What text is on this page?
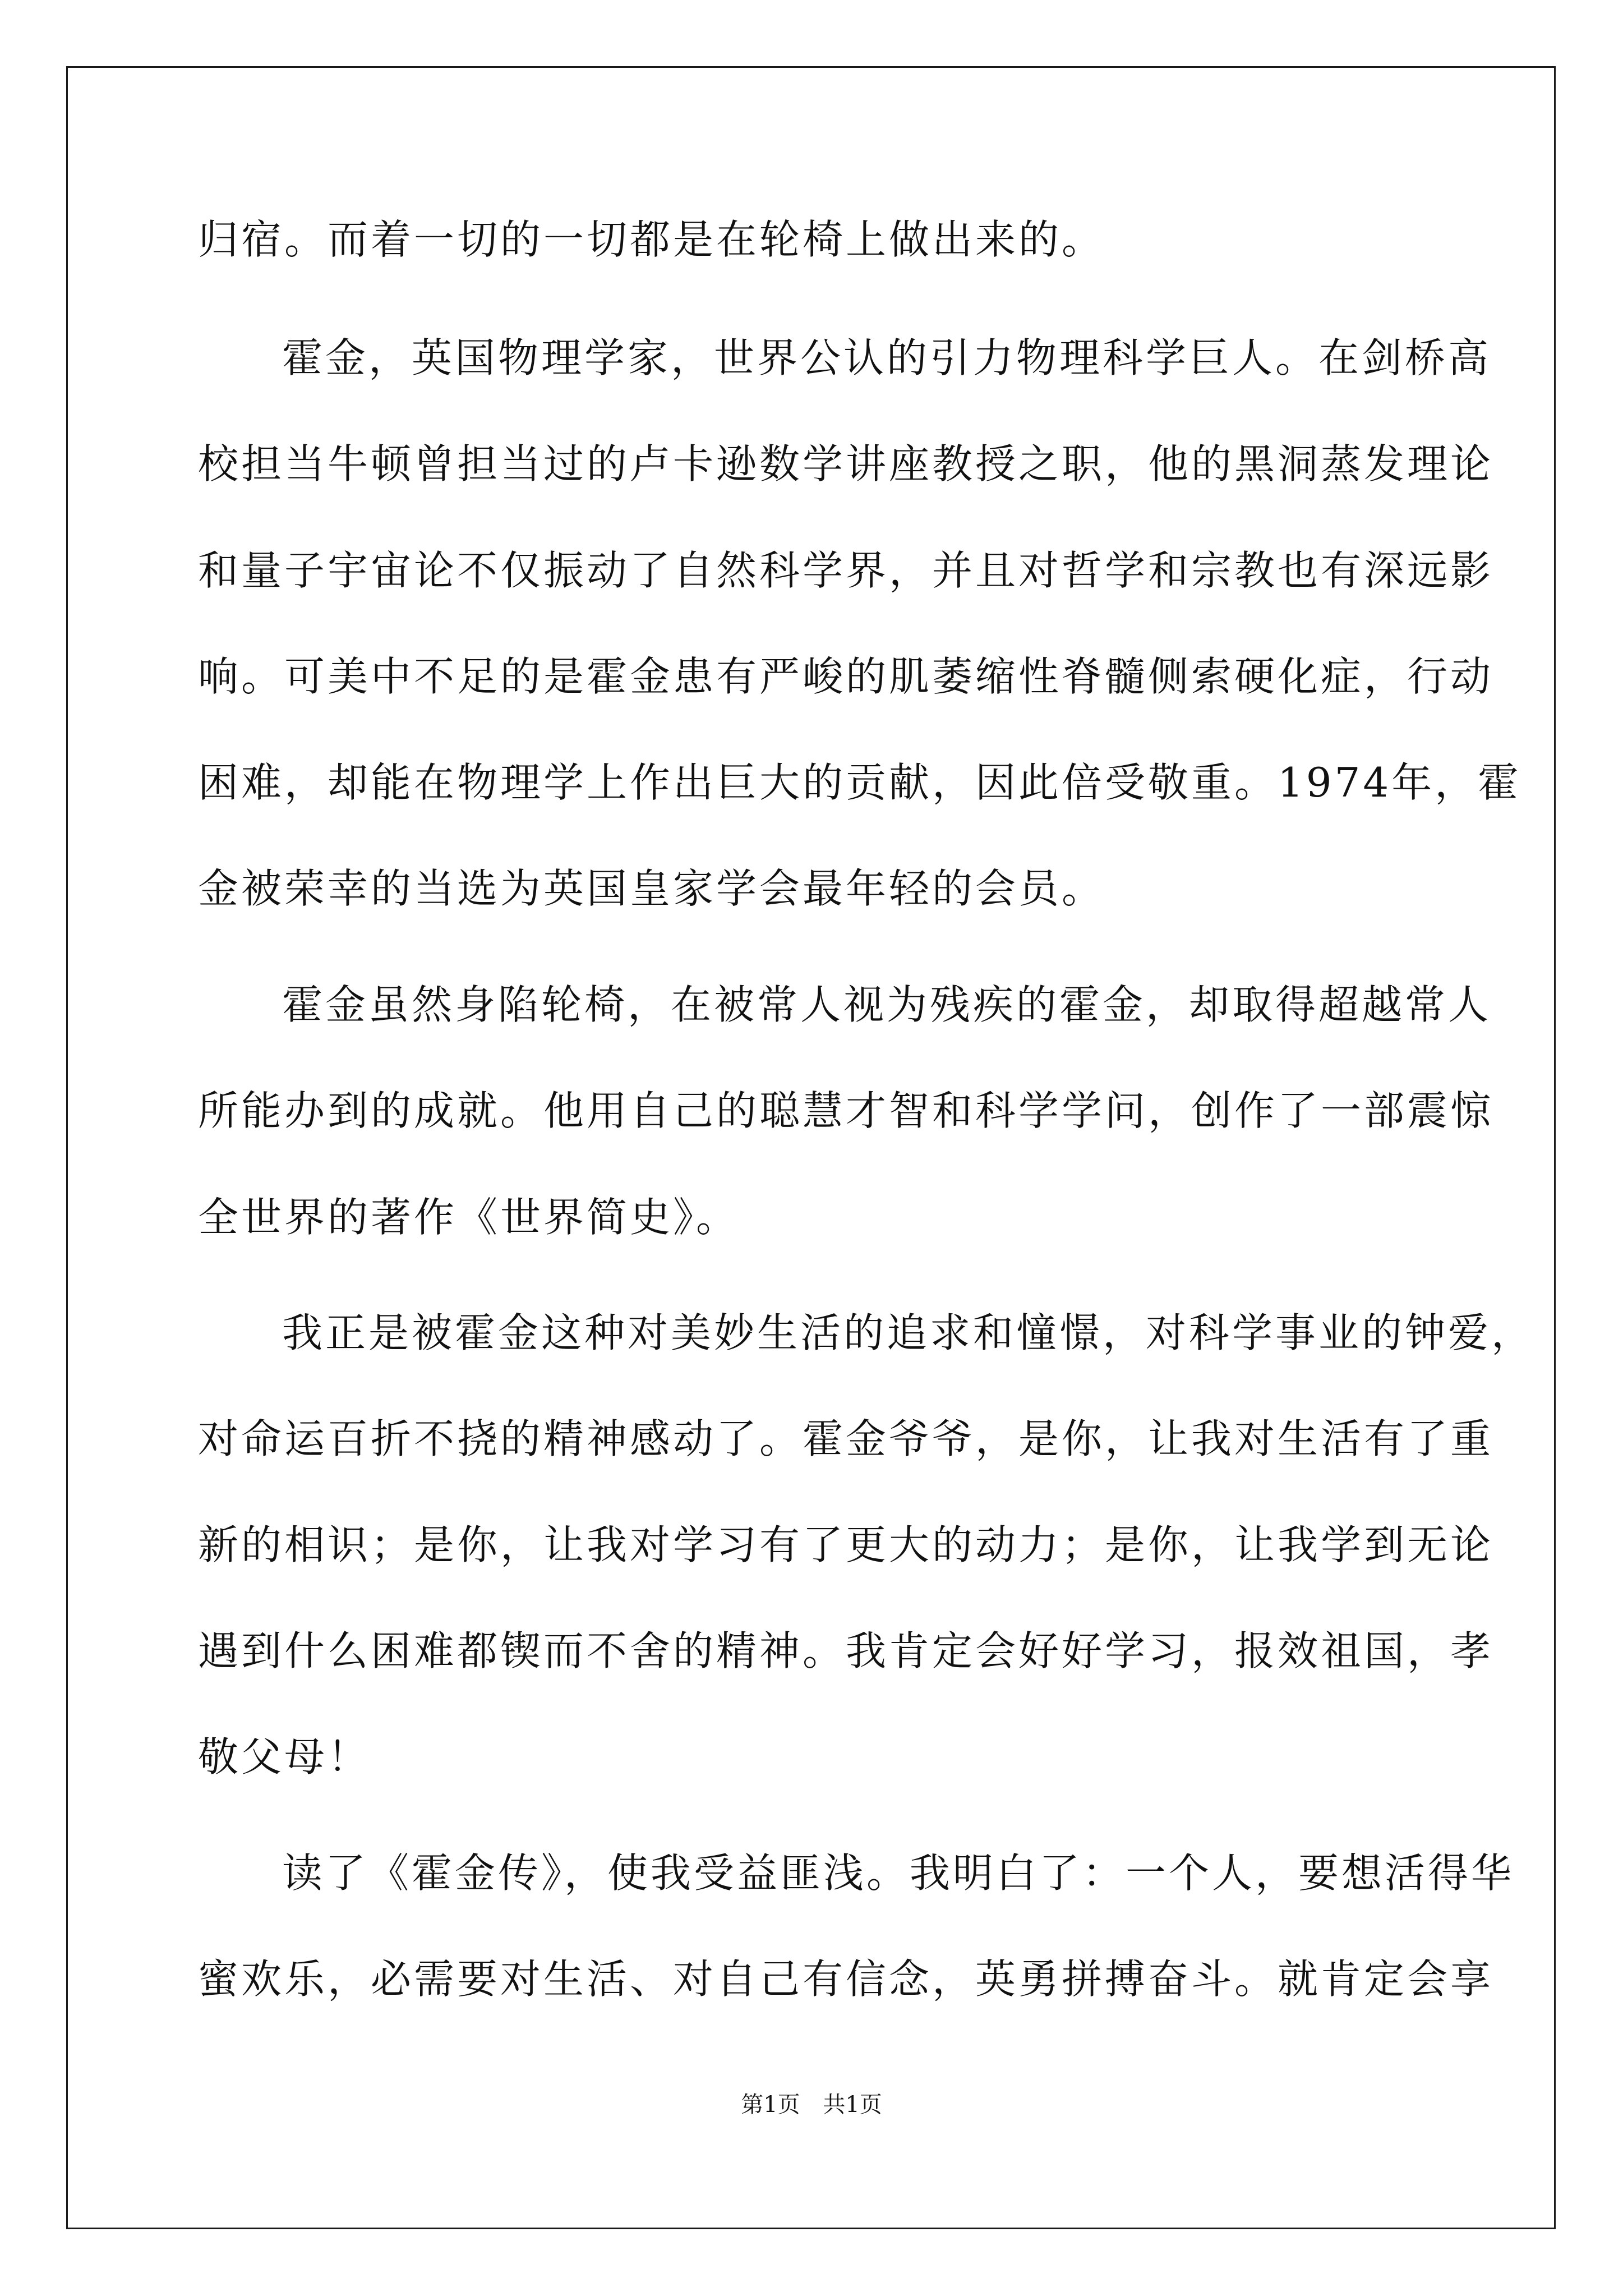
归宿。而着一切的一切都是在轮椅上做出来的。
霍金，英国物理学家，世界公认的引力物理科学巨人。在剑桥高
校担当牛顿曾担当过的卢卡逊数学讲座教授之职，他的黑洞蒸发理论
和量子宇宙论不仅振动了自然科学界，并且对哲学和宗教也有深远影
响。可美中不足的是霍金患有严峻的肌萎缩性脊髓侧索硬化症，行动
困难，却能在物理学上作出巨大的贡献，因此倍受敬重。1974年，霍
金被荣幸的当选为英国皇家学会最年轻的会员。
霍金虽然身陷轮椅，在被常人视为残疾的霍金，却取得超越常人
所能办到的成就。他用自己的聪慧才智和科学学问，创作了一部震惊
全世界的著作《世界简史》。
我正是被霍金这种对美妙生活的追求和憧憬，对科学事业的钟爱，
对命运百折不挠的精神感动了。霍金爷爷，是你，让我对生活有了重
新的相识；是你，让我对学习有了更大的动力；是你，让我学到无论
遇到什么困难都锲而不舍的精神。我肯定会好好学习，报效祖国，孝
敬父母！
读了《霍金传》，使我受益匪浅。我明白了：一个人，要想活得华
蜜欢乐，必需要对生活、对自己有信念，英勇拼搏奋斗。就肯定会享
第1页 共1页
